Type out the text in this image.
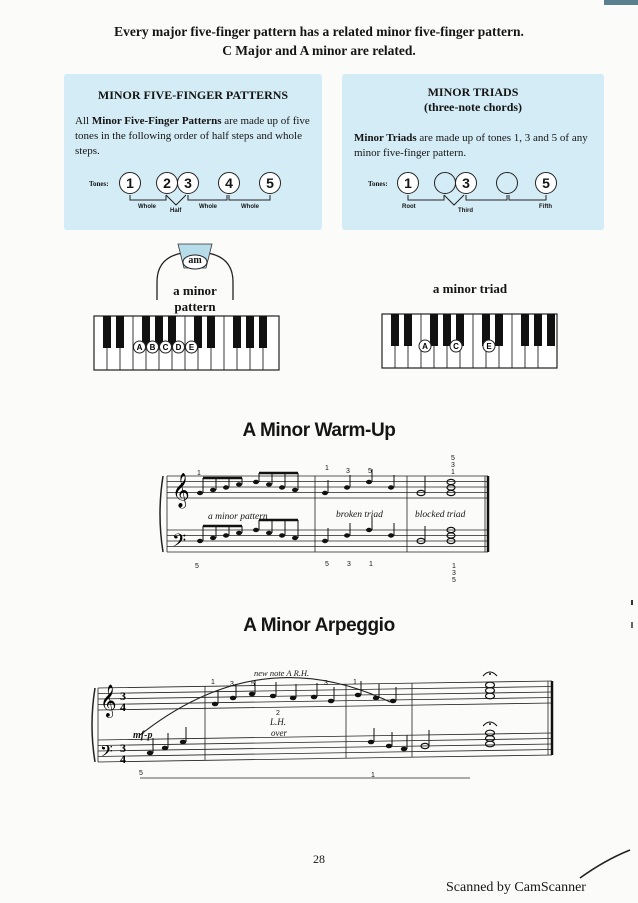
Every major five-finger pattern has a related minor five-finger pattern.
C Major and A minor are related.
MINOR FIVE-FINGER PATTERNS
All Minor Five-Finger Patterns are made up of five tones in the following order of half steps and whole steps.
Tones:	1	2 3	4	5
Whole
Half
Whole	Whole
MINOR TRIADS
(three-note chords)
Minor Triads are made up of tones 1, 3 and 5 of any minor five-finger pattern.
Tones:	1	3	5
Root
Third
Fifth
am
a minor
pattern
a minor triad
A B C D E	A	C	E
A Minor Warm-Up
𝄞
𝄢
a minor pattern	broken triad	blocked triad
1
1 3	5
5
3
1
5	5	3	1	1
3
5
A Minor Arpeggio
𝄞
𝄢
3
4
3
4
mf-p
new note A R.H.
2
L.H.
over
1 3 5	3	1
5	1
28
Scanned by CamScanner
